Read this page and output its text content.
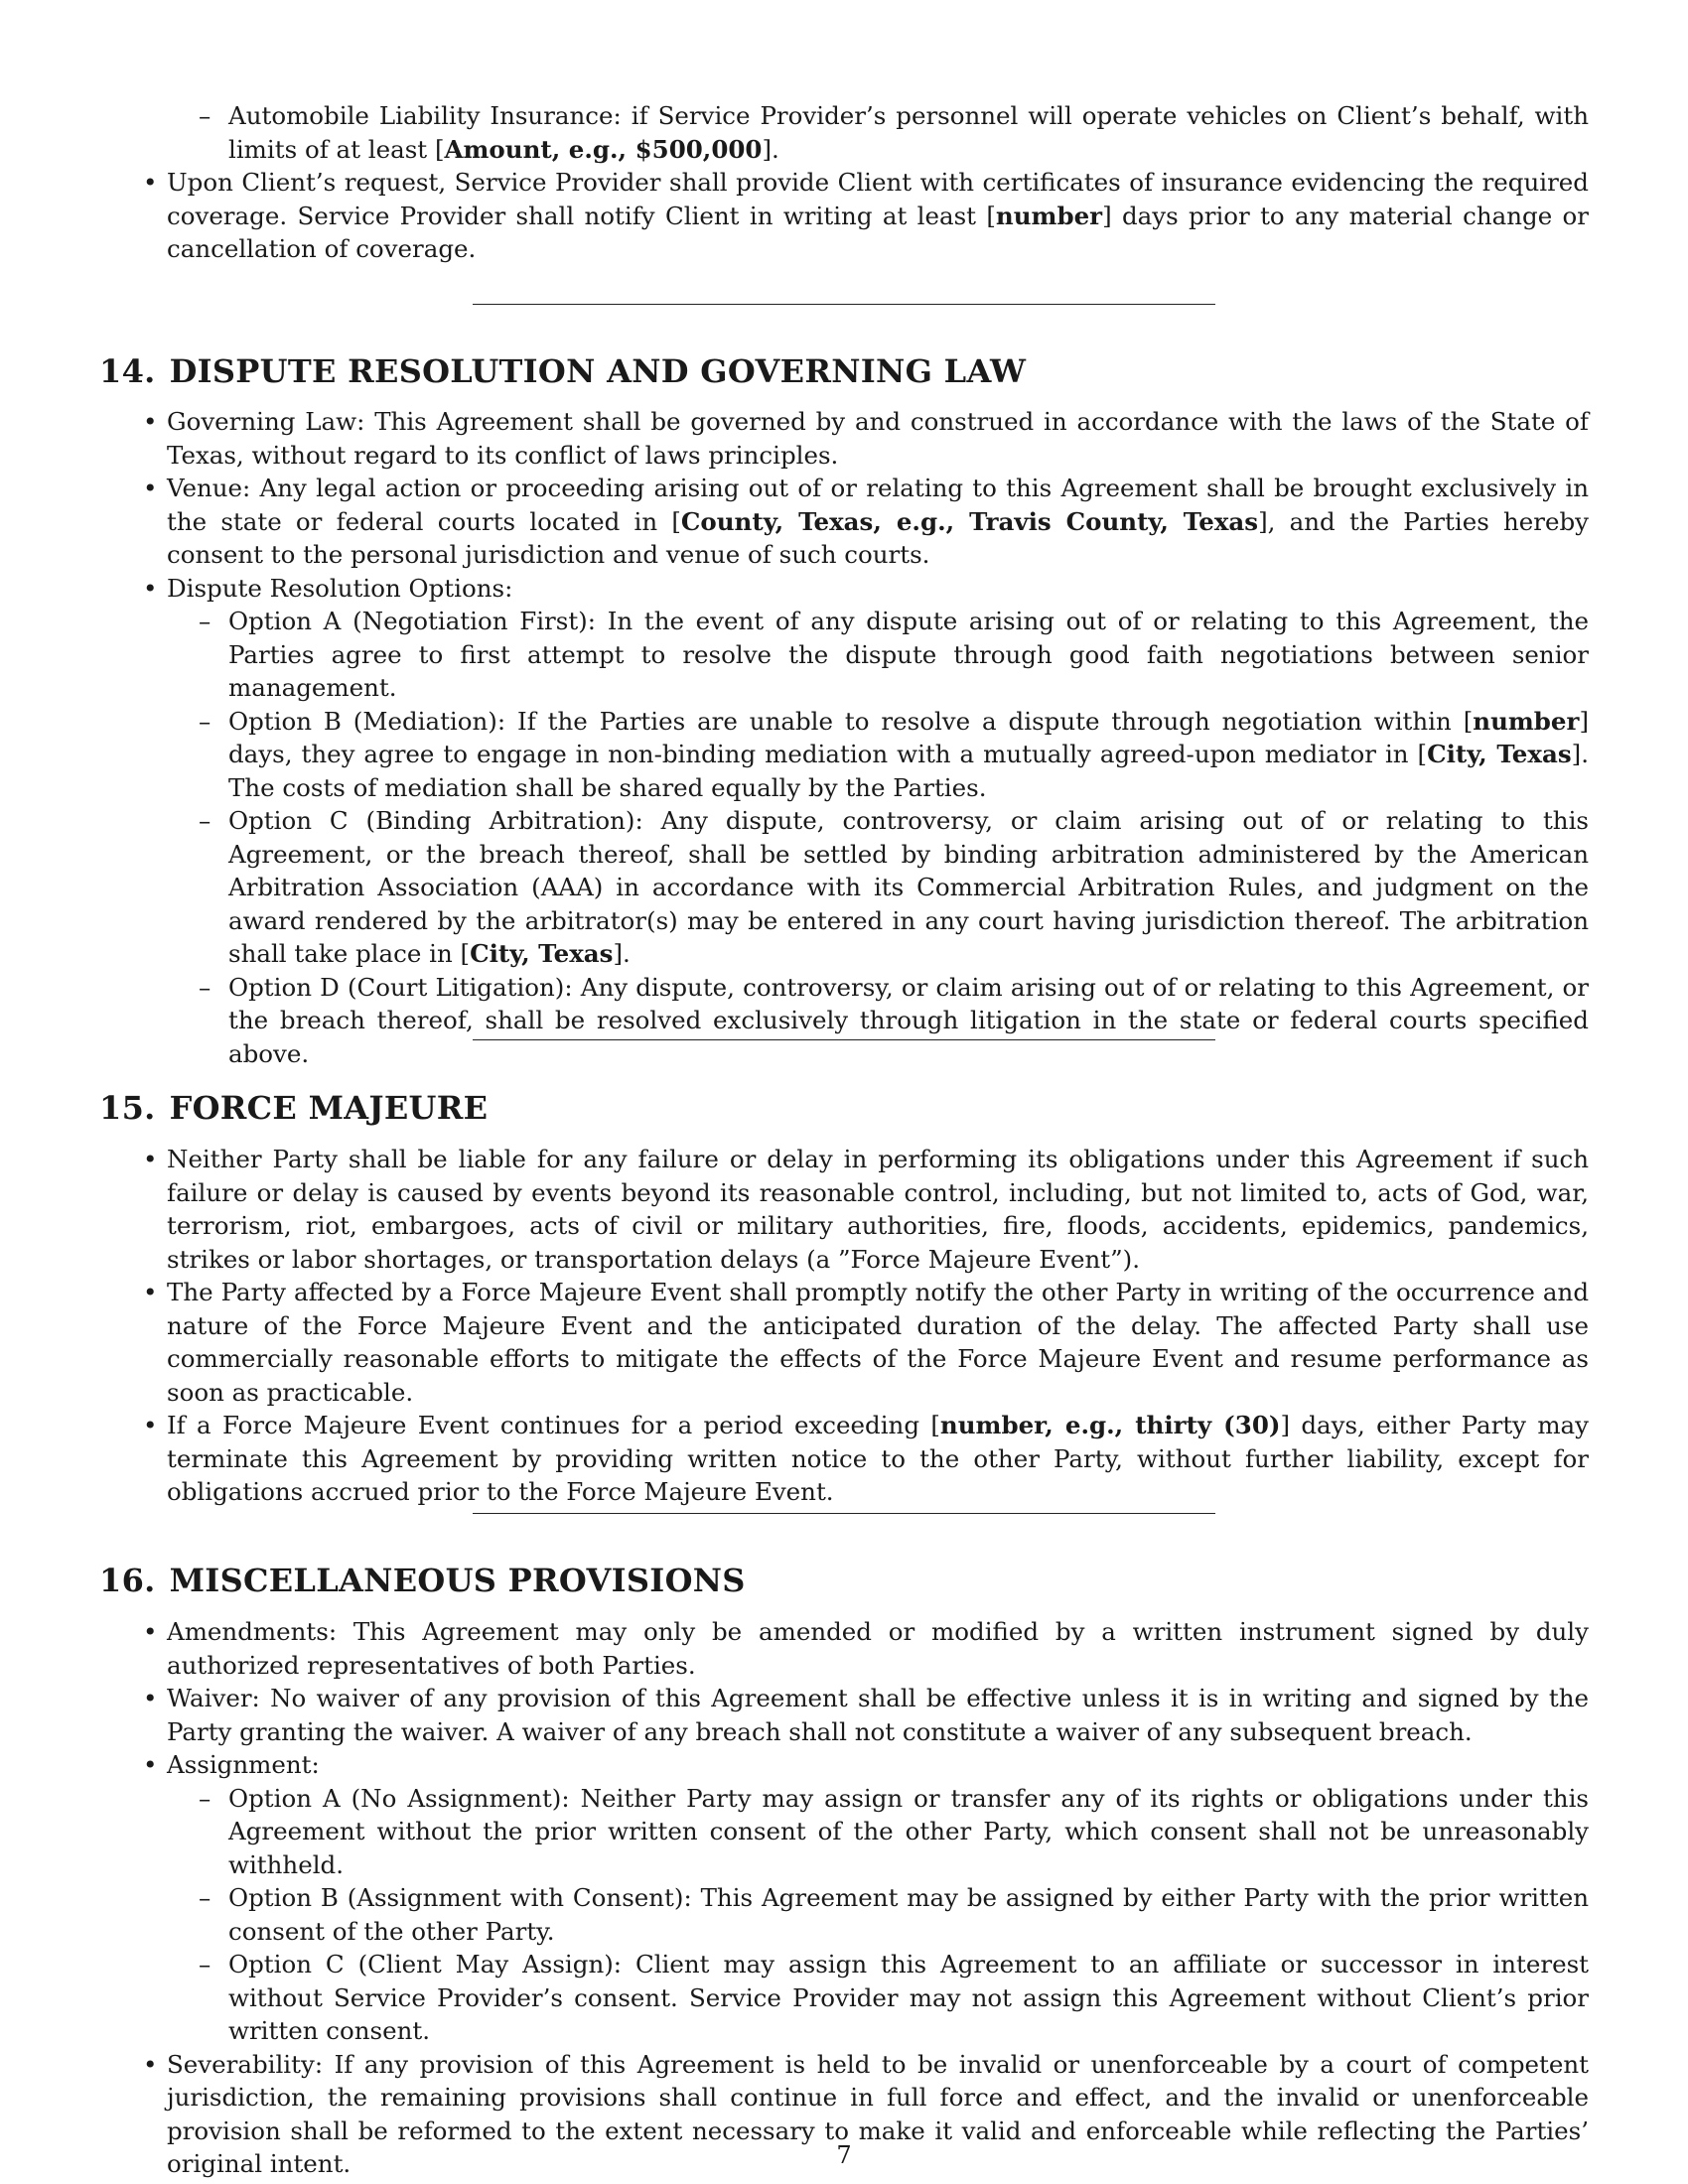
– Automobile Liability Insurance: if Service Provider’s personnel will operate vehicles on Client’s behalf, with limits of at least [Amount, e.g., $500,000].
• Upon Client’s request, Service Provider shall provide Client with certificates of insurance evidencing the required coverage. Service Provider shall notify Client in writing at least [number] days prior to any material change or cancellation of coverage.
14. DISPUTE RESOLUTION AND GOVERNING LAW
• Governing Law: This Agreement shall be governed by and construed in accordance with the laws of the State of Texas, without regard to its conflict of laws principles.
• Venue: Any legal action or proceeding arising out of or relating to this Agreement shall be brought exclusively in the state or federal courts located in [County, Texas, e.g., Travis County, Texas], and the Parties hereby consent to the personal jurisdiction and venue of such courts.
• Dispute Resolution Options:
– Option A (Negotiation First): In the event of any dispute arising out of or relating to this Agreement, the Parties agree to first attempt to resolve the dispute through good faith negotiations between senior management.
– Option B (Mediation): If the Parties are unable to resolve a dispute through negotiation within [number] days, they agree to engage in non-binding mediation with a mutually agreed-upon mediator in [City, Texas]. The costs of mediation shall be shared equally by the Parties.
– Option C (Binding Arbitration): Any dispute, controversy, or claim arising out of or relating to this Agreement, or the breach thereof, shall be settled by binding arbitration administered by the American Arbitration Association (AAA) in accordance with its Commercial Arbitration Rules, and judgment on the award rendered by the arbitrator(s) may be entered in any court having jurisdiction thereof. The arbitration shall take place in [City, Texas].
– Option D (Court Litigation): Any dispute, controversy, or claim arising out of or relating to this Agreement, or the breach thereof, shall be resolved exclusively through litigation in the state or federal courts specified above.
15. FORCE MAJEURE
• Neither Party shall be liable for any failure or delay in performing its obligations under this Agreement if such failure or delay is caused by events beyond its reasonable control, including, but not limited to, acts of God, war, terrorism, riot, embargoes, acts of civil or military authorities, fire, floods, accidents, epidemics, pandemics, strikes or labor shortages, or transportation delays (a ”Force Majeure Event”).
• The Party affected by a Force Majeure Event shall promptly notify the other Party in writing of the occurrence and nature of the Force Majeure Event and the anticipated duration of the delay. The affected Party shall use commercially reasonable efforts to mitigate the effects of the Force Majeure Event and resume performance as soon as practicable.
• If a Force Majeure Event continues for a period exceeding [number, e.g., thirty (30)] days, either Party may terminate this Agreement by providing written notice to the other Party, without further liability, except for obligations accrued prior to the Force Majeure Event.
16. MISCELLANEOUS PROVISIONS
• Amendments: This Agreement may only be amended or modified by a written instrument signed by duly authorized representatives of both Parties.
• Waiver: No waiver of any provision of this Agreement shall be effective unless it is in writing and signed by the Party granting the waiver. A waiver of any breach shall not constitute a waiver of any subsequent breach.
• Assignment:
– Option A (No Assignment): Neither Party may assign or transfer any of its rights or obligations under this Agreement without the prior written consent of the other Party, which consent shall not be unreasonably withheld.
– Option B (Assignment with Consent): This Agreement may be assigned by either Party with the prior written consent of the other Party.
– Option C (Client May Assign): Client may assign this Agreement to an affiliate or successor in interest without Service Provider’s consent. Service Provider may not assign this Agreement without Client’s prior written consent.
• Severability: If any provision of this Agreement is held to be invalid or unenforceable by a court of competent jurisdiction, the remaining provisions shall continue in full force and effect, and the invalid or unenforceable provision shall be reformed to the extent necessary to make it valid and enforceable while reflecting the Parties’ original intent.	7
